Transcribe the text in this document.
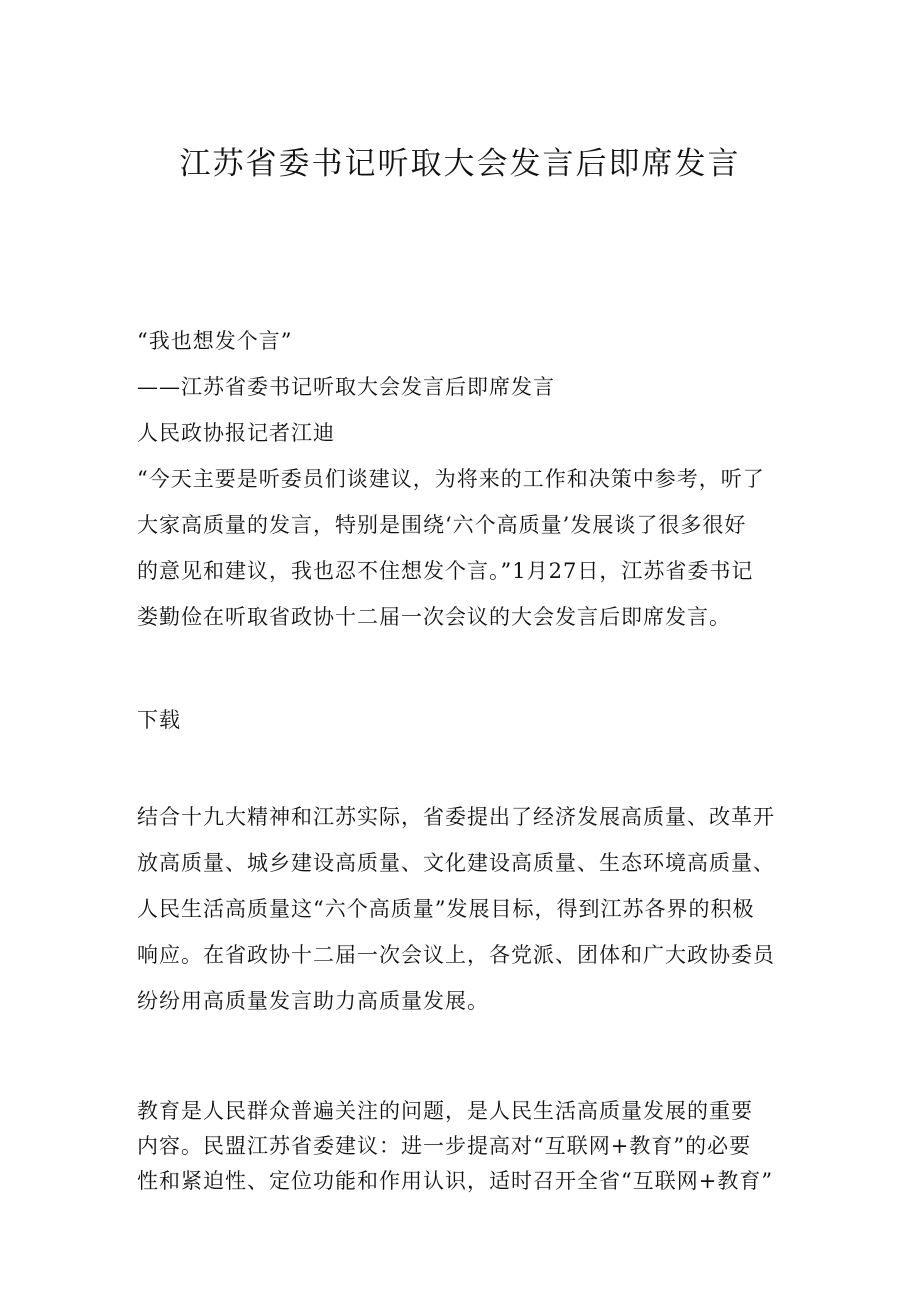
江苏省委书记听取大会发言后即席发言
“我也想发个言”
——江苏省委书记听取大会发言后即席发言
人民政协报记者江迪
“今天主要是听委员们谈建议，为将来的工作和决策中参考，听了
大家高质量的发言，特别是围绕‘六个高质量’发展谈了很多很好
的意见和建议，我也忍不住想发个言。”1月27日，江苏省委书记
娄勤俭在听取省政协十二届一次会议的大会发言后即席发言。
下载
结合十九大精神和江苏实际，省委提出了经济发展高质量、改革开
放高质量、城乡建设高质量、文化建设高质量、生态环境高质量、
人民生活高质量这“六个高质量”发展目标，得到江苏各界的积极
响应。在省政协十二届一次会议上，各党派、团体和广大政协委员
纷纷用高质量发言助力高质量发展。
教育是人民群众普遍关注的问题，是人民生活高质量发展的重要
内容。民盟江苏省委建议：进一步提高对“互联网+教育”的必要
性和紧迫性、定位功能和作用认识，适时召开全省“互联网+教育”
